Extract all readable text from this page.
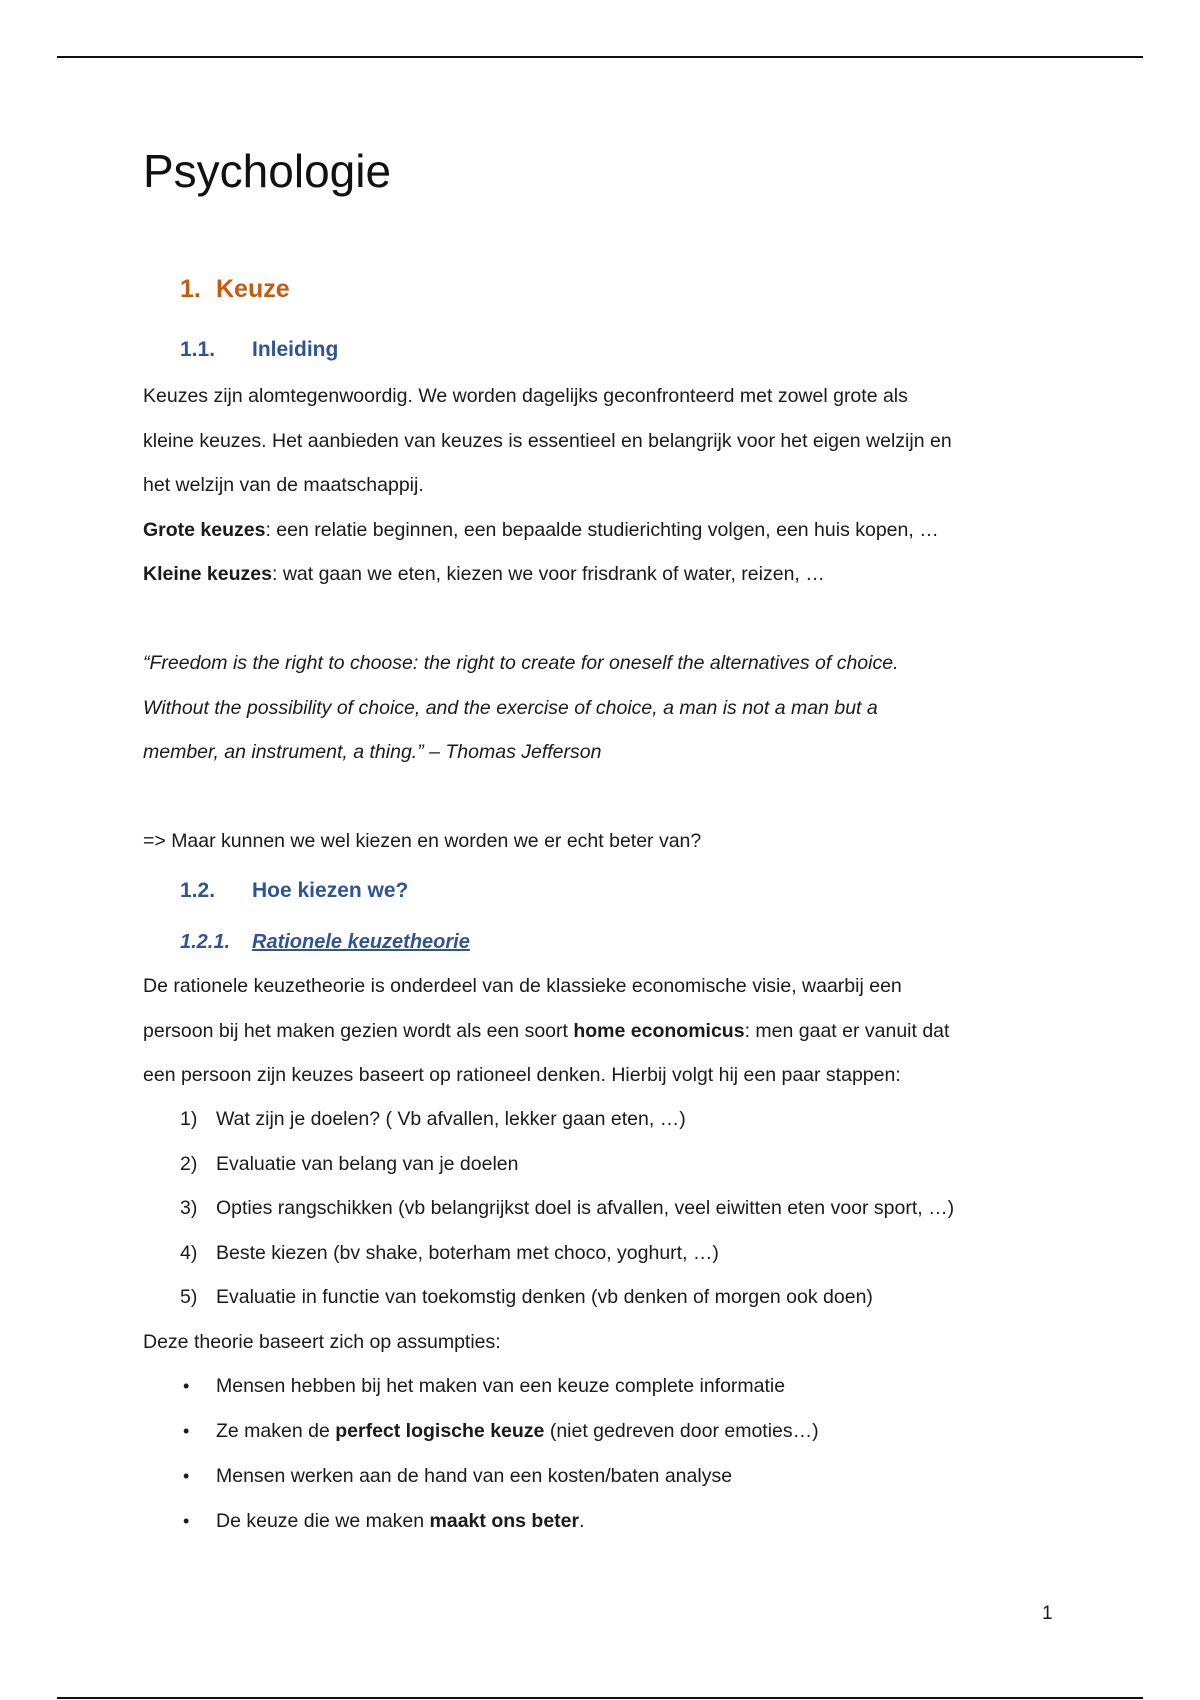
Psychologie
1. Keuze
1.1. Inleiding
Keuzes zijn alomtegenwoordig. We worden dagelijks geconfronteerd met zowel grote als
kleine keuzes. Het aanbieden van keuzes is essentieel en belangrijk voor het eigen welzijn en
het welzijn van de maatschappij.
Grote keuzes: een relatie beginnen, een bepaalde studierichting volgen, een huis kopen, …
Kleine keuzes: wat gaan we eten, kiezen we voor frisdrank of water, reizen, …

“Freedom is the right to choose: the right to create for oneself the alternatives of choice.
Without the possibility of choice, and the exercise of choice, a man is not a man but a
member, an instrument, a thing.” – Thomas Jefferson

=> Maar kunnen we wel kiezen en worden we er echt beter van?
1.2. Hoe kiezen we?
1.2.1. Rationele keuzetheorie
De rationele keuzetheorie is onderdeel van de klassieke economische visie, waarbij een
persoon bij het maken gezien wordt als een soort home economicus: men gaat er vanuit dat
een persoon zijn keuzes baseert op rationeel denken. Hierbij volgt hij een paar stappen:
1) Wat zijn je doelen? ( Vb afvallen, lekker gaan eten, …)
2) Evaluatie van belang van je doelen
3) Opties rangschikken (vb belangrijkst doel is afvallen, veel eiwitten eten voor sport, …)
4) Beste kiezen (bv shake, boterham met choco, yoghurt, …)
5) Evaluatie in functie van toekomstig denken (vb denken of morgen ook doen)
Deze theorie baseert zich op assumpties:
• Mensen hebben bij het maken van een keuze complete informatie
• Ze maken de perfect logische keuze (niet gedreven door emoties…)
• Mensen werken aan de hand van een kosten/baten analyse
• De keuze die we maken maakt ons beter.
1
